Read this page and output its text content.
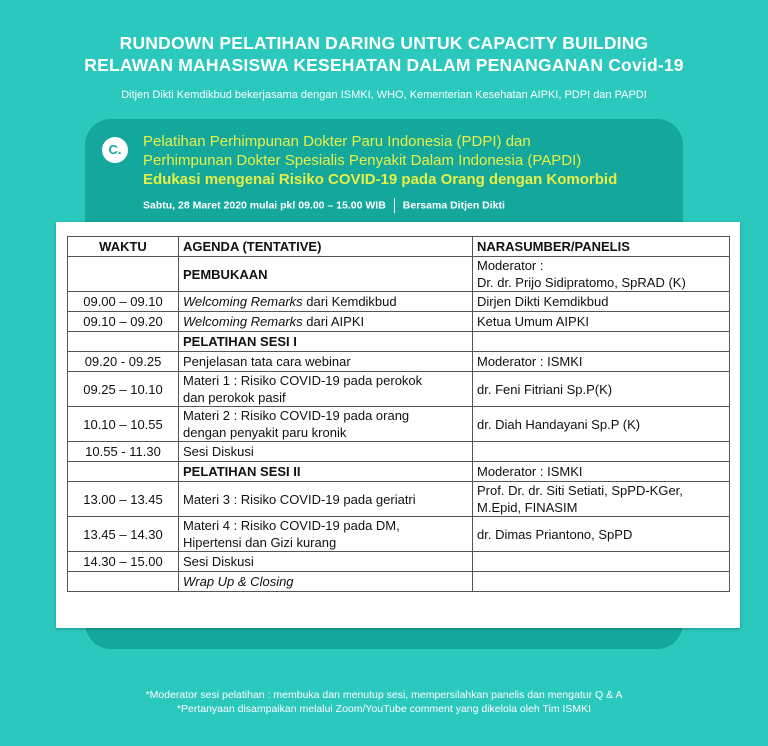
RUNDOWN PELATIHAN DARING UNTUK CAPACITY BUILDING
RELAWAN MAHASISWA KESEHATAN DALAM PENANGANAN Covid-19
Ditjen Dikti Kemdikbud bekerjasama dengan ISMKI, WHO, Kementerian Kesehatan AIPKI, PDPI dan PAPDI
C.	Pelatihan Perhimpunan Dokter Paru Indonesia (PDPI) dan
Perhimpunan Dokter Spesialis Penyakit Dalam Indonesia (PAPDI)
Edukasi mengenai Risiko COVID-19 pada Orang dengan Komorbid
Sabtu, 28 Maret 2020 mulai pkl 09.00 – 15.00 WIB Bersama Ditjen Dikti
WAKTU	AGENDA (TENTATIVE)	NARASUMBER/PANELIS
	PEMBUKAAN	Moderator :
Dr. dr. Prijo Sidipratomo, SpRAD (K)

09.00 – 09.10	Welcoming Remarks dari Kemdikbud	Dirjen Dikti Kemdikbud
09.10 – 09.20	Welcoming Remarks dari AIPKI	Ketua Umum AIPKI
	PELATIHAN SESI I	
09.20 - 09.25	Penjelasan tata cara webinar	Moderator : ISMKI
09.25 – 10.10	Materi 1 : Risiko COVID-19 pada perokok
dan perokok pasif	dr. Feni Fitriani Sp.P(K)
10.10 – 10.55	Materi 2 : Risiko COVID-19 pada orang
dengan penyakit paru kronik	dr. Diah Handayani Sp.P (K)
10.55 - 11.30	Sesi Diskusi	
	PELATIHAN SESI II	Moderator : ISMKI
13.00 – 13.45	Materi 3 : Risiko COVID-19 pada geriatri	Prof. Dr. dr. Siti Setiati, SpPD-KGer,
M.Epid, FINASIM

13.45 – 14.30	Materi 4 : Risiko COVID-19 pada DM,
Hipertensi dan Gizi kurang	dr. Dimas Priantono, SpPD
14.30 – 15.00	Sesi Diskusi	
	Wrap Up & Closing	
*Moderator sesi pelatihan : membuka dan menutup sesi, mempersilahkan panelis dan mengatur Q & A
*Pertanyaan disampaikan melalui Zoom/YouTube comment yang dikelola oleh Tim ISMKI
